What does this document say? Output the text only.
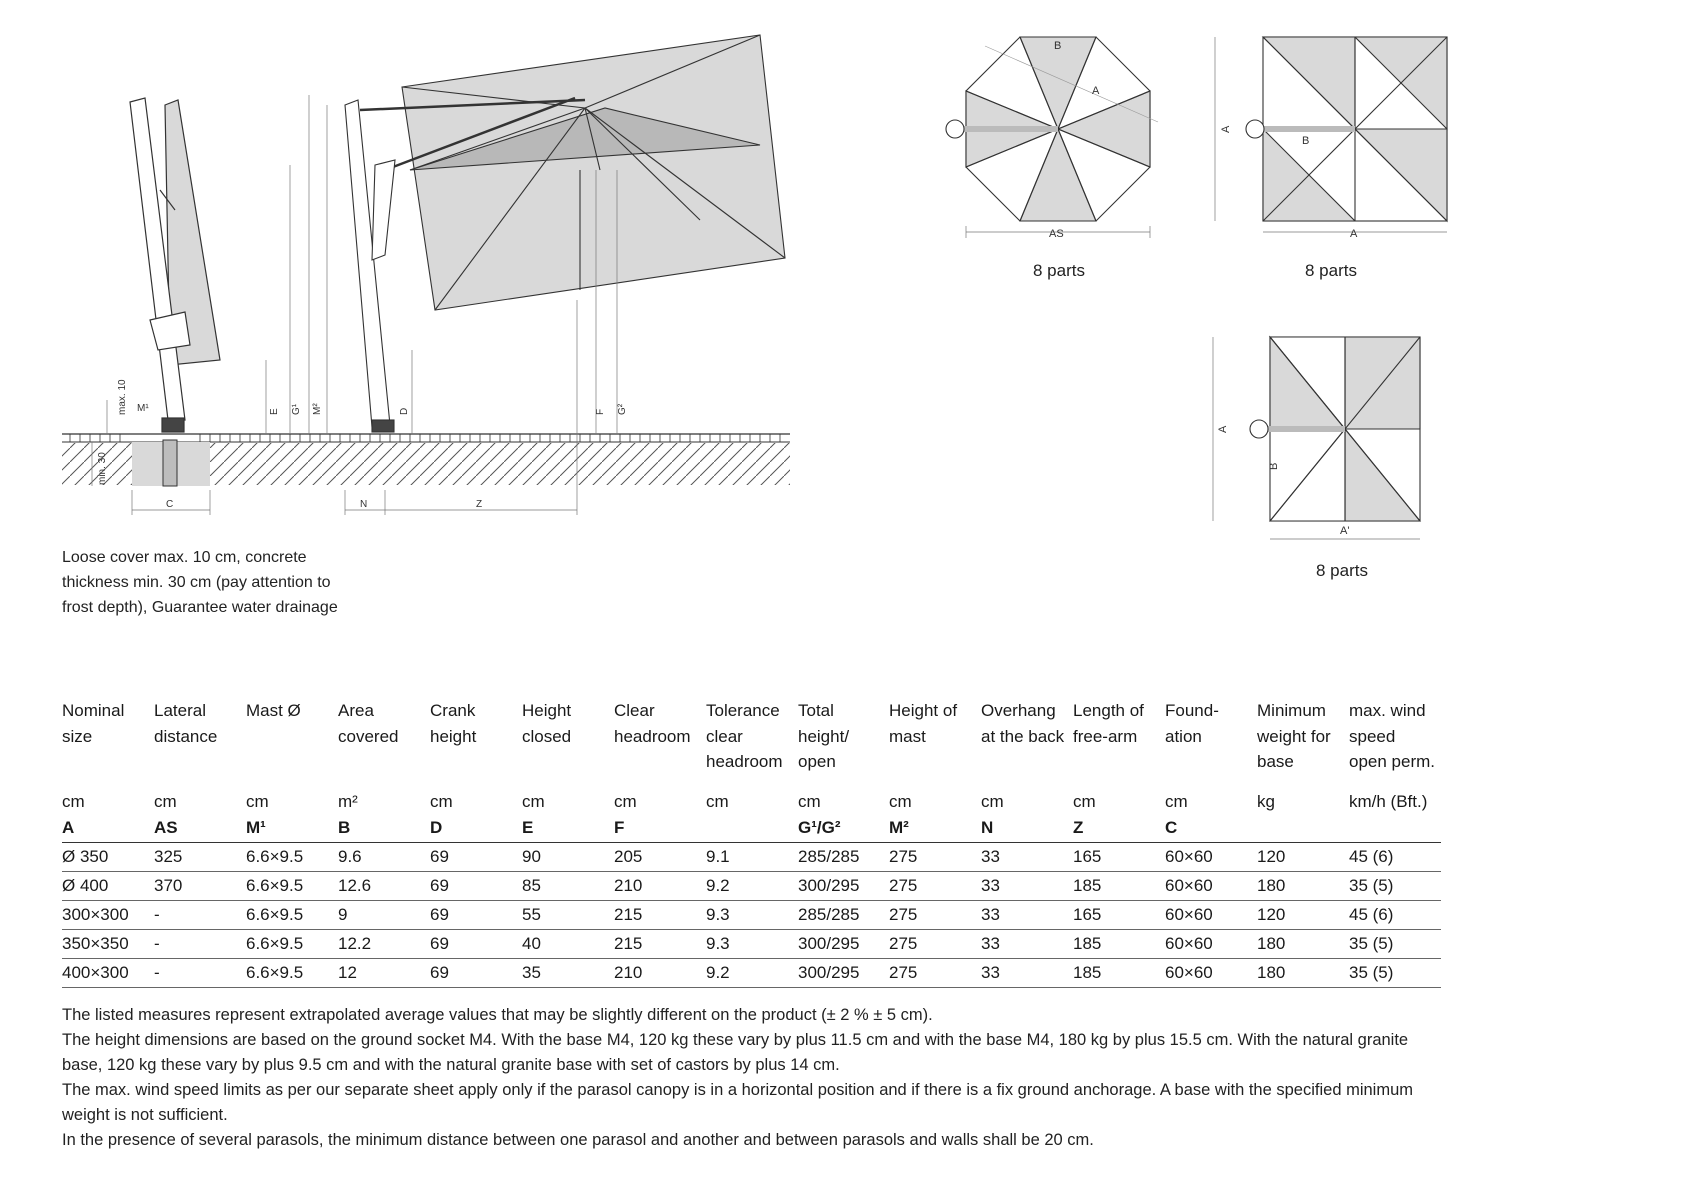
max. 10
min. 30
M¹	E G¹ M²	D	F G²
C	N	Z
B
A
AS
A
B
A
A
B
A'
8 parts	8 parts
8 parts
Loose cover max. 10 cm, concrete thickness min. 30 cm (pay attention to frost depth), Guarantee water drainage
Nominal size	Lateral distance	Mast Ø	Area covered	Crank height	Height closed	Clear headroom	Tolerance clear headroom	Total height/ open	Height of mast	Overhang at the back	Length of free-arm	Found- ation	Minimum weight for base	max. wind speed open perm.
cm	cm	cm	m²	cm	cm	cm	cm	cm	cm	cm	cm	cm	kg	km/h (Bft.)
A	AS	M¹	B	D	E	F		G¹/G²	M²	N	Z	C		
Ø 350	325	6.6×9.5	9.6	69	90	205	9.1	285/285	275	33	165	60×60	120	45 (6)
Ø 400	370	6.6×9.5	12.6	69	85	210	9.2	300/295	275	33	185	60×60	180	35 (5)
300×300	-	6.6×9.5	9	69	55	215	9.3	285/285	275	33	165	60×60	120	45 (6)
350×350	-	6.6×9.5	12.2	69	40	215	9.3	300/295	275	33	185	60×60	180	35 (5)
400×300	-	6.6×9.5	12	69	35	210	9.2	300/295	275	33	185	60×60	180	35 (5)

The listed measures represent extrapolated average values that may be slightly different on the product (± 2 % ± 5 cm).

The height dimensions are based on the ground socket M4. With the base M4, 120 kg these vary by plus 11.5 cm and with the base M4, 180 kg by plus 15.5 cm. With the natural granite base, 120 kg these vary by plus 9.5 cm and with the natural granite base with set of castors by plus 14 cm.

The max. wind speed limits as per our separate sheet apply only if the parasol canopy is in a horizontal position and if there is a fix ground anchorage. A base with the specified minimum weight is not sufficient.

In the presence of several parasols, the minimum distance between one parasol and another and between parasols and walls shall be 20 cm.
